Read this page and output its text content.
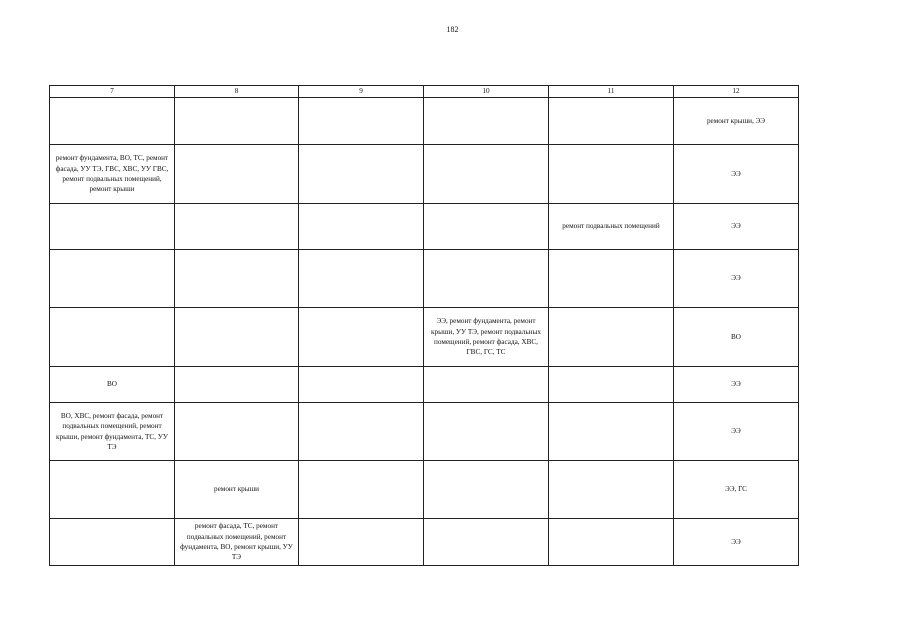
182
7	8	9	10	11	12
					ремонт крыши, ЭЭ
ремонт фундамента, ВО, ТС, ремонт фасада, УУ ТЭ, ГВС, ХВС, УУ ГВС, ремонт подвальных помещений, ремонт крыши					ЭЭ
				ремонт подвальных помещений	ЭЭ
					ЭЭ
			ЭЭ, ремонт фундамента, ремонт крыши, УУ ТЭ, ремонт подвальных помещений, ремонт фасада, ХВС, ГВС, ГС, ТС		ВО
ВО					ЭЭ
ВО, ХВС, ремонт фасада, ремонт подвальных помещений, ремонт крыши, ремонт фундамента, ТС, УУ ТЭ					ЭЭ
	ремонт крыши				ЭЭ, ГС
	ремонт фасада, ТС, ремонт подвальных помещений, ремонт фундамента, ВО, ремонт крыши, УУ ТЭ				ЭЭ
